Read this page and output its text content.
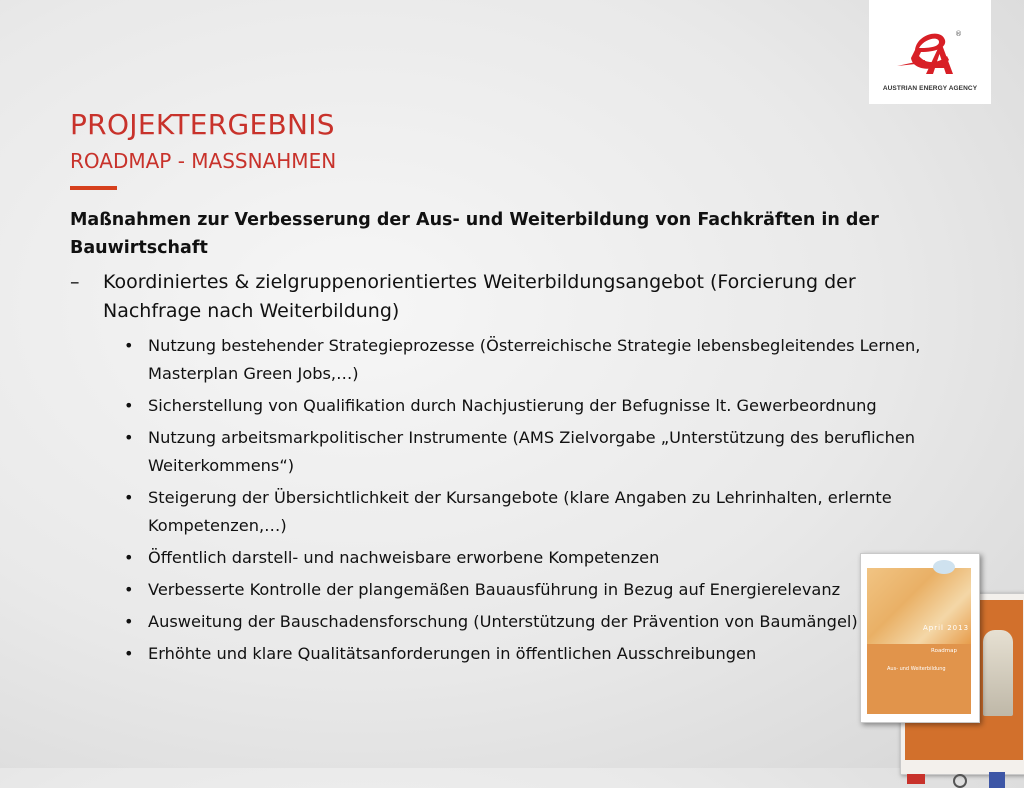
®
AUSTRIAN ENERGY AGENCY
PROJEKTERGEBNIS
ROADMAP - MASSNAHMEN
Maßnahmen zur Verbesserung der Aus- und Weiterbildung von Fachkräften in der Bauwirtschaft
– Koordiniertes & zielgruppenorientiertes Weiterbildungsangebot (Forcierung der Nachfrage nach Weiterbildung)
• Nutzung bestehender Strategieprozesse (Österreichische Strategie lebensbegleitendes Lernen, Masterplan Green Jobs,…)
• Sicherstellung von Qualifikation durch Nachjustierung der Befugnisse lt. Gewerbeordnung
• Nutzung arbeitsmarkpolitischer Instrumente (AMS Zielvorgabe „Unterstützung des beruflichen Weiterkommens“)
• Steigerung der Übersichtlichkeit der Kursangebote (klare Angaben zu Lehrinhalten, erlernte Kompetenzen,…)
• Öffentlich darstell- und nachweisbare erworbene Kompetenzen
• Verbesserte Kontrolle der plangemäßen Bauausführung in Bezug auf Energierelevanz
• Ausweitung der Bauschadensforschung (Unterstützung der Prävention von Baumängel)
• Erhöhte und klare Qualitätsanforderungen in öffentlichen Ausschreibungen
April 2013
Roadmap
Aus- und Weiterbildung
